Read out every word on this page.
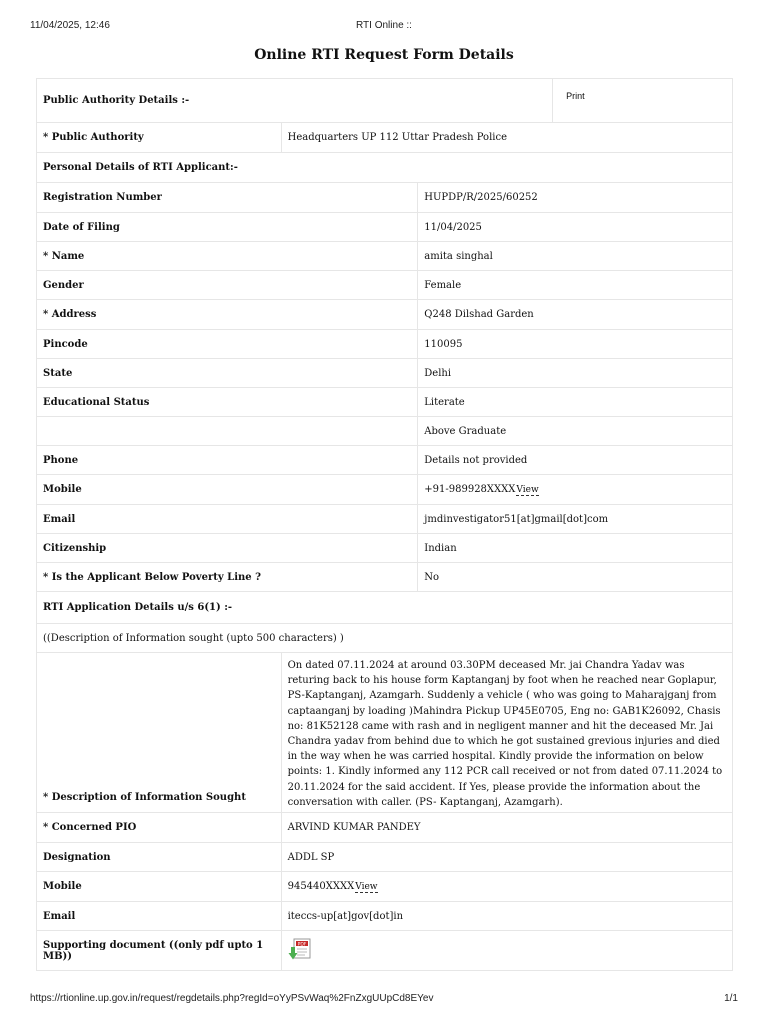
11/04/2025, 12:46	RTI Online ::
Online RTI Request Form Details
Public Authority Details :-			Print
* Public Authority	Headquarters UP 112 Uttar Pradesh Police		
Personal Details of RTI Applicant:-			
Registration Number		HUPDP/R/2025/60252	
Date of Filing		11/04/2025	
* Name		amita singhal	
Gender		Female	
* Address		Q248 Dilshad Garden	
Pincode		110095	
State		Delhi	
Educational Status		Literate	
		Above Graduate	
Phone		Details not provided	
Mobile		+91-989928XXXXView	
Email		jmdinvestigator51[at]gmail[dot]com	
Citizenship		Indian	
* Is the Applicant Below Poverty Line ?		No	
RTI Application Details u/s 6(1) :-			
((Description of Information sought (upto 500 characters) )			
* Description of Information Sought	On dated 07.11.2024 at around 03.30PM deceased Mr. jai Chandra Yadav was returing back to his house form Kaptanganj by foot when he reached near Goplapur, PS-Kaptanganj, Azamgarh. Suddenly a vehicle ( who was going to Maharajganj from captaanganj by loading )Mahindra Pickup UP45E0705, Eng no: GAB1K26092, Chasis no: 81K52128 came with rash and in negligent manner and hit the deceased Mr. Jai Chandra yadav from behind due to which he got sustained grevious injuries and died in the way when he was carried hospital. Kindly provide the information on below points: 1. Kindly informed any 112 PCR call received or not from dated 07.11.2024 to 20.11.2024 for the said accident. If Yes, please provide the information about the conversation with caller. (PS- Kaptanganj, Azamgarh).		
* Concerned PIO	ARVIND KUMAR PANDEY		
Designation	ADDL SP		
Mobile	945440XXXXView		
Email	iteccs-up[at]gov[dot]in		
Supporting document ((only pdf upto 1 MB))	PDF		
https://rtionline.up.gov.in/request/regdetails.php?regId=oYyPSvWaq%2FnZxgUUpCd8EYev	1/1
